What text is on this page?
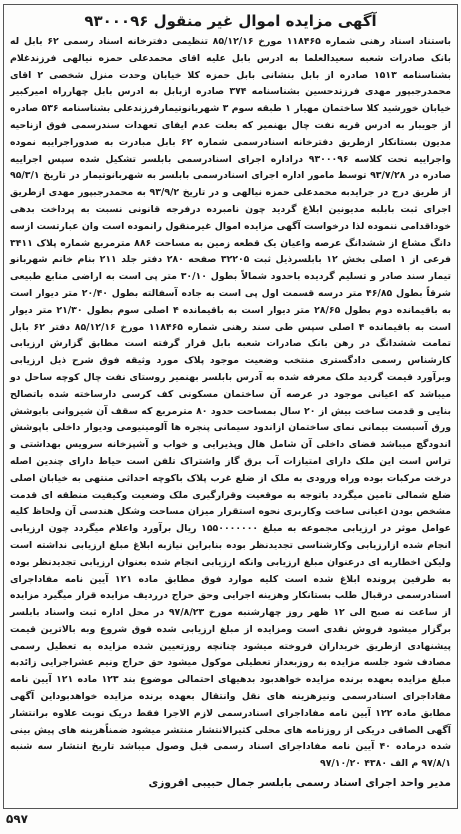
آگهی مزایده اموال غیر منقول ۹۳۰۰۰۹۶

باستناد اسناد رهنی شماره ۱۱۸۴۶۵ مورخ ۸۵/۱۲/۱۶ تنظیمی دفترخانه اسناد رسمی ۶۲ بابل له بانک صادرات شعبه سعیدالعلما به ادرس بابل علیه اقای محمدعلی حمزه نیالهی فرزندغلام بشناسنامه ۱۵۱۳ صادره از بابل بنشانی بابل حمزه کلا خیابان وحدت منزل شخصی ۲ اقای محمدرجبپور مهدی فرزندحسین بشناسنامه ۳۷۴ صادره ازبابل به ادرس بابل چهارراه امیرکبیر خیابان خورشید کلا ساختمان مهیار ۱ طبقه سوم ۳ شهربانوتیمارفرزندعلی بشناسنامه ۵۳۶ صادره از جویبار به ادرس قریه نفت چال بهنمیر که بعلت عدم ایفای تعهدات سندرسمی فوق ازناحیه مدیون بستانکار ازطریق دفترخانه اسنادرسمی شماره ۶۲ بابل مبادرت به صدوراجراییه نموده واجراییه تحت کلاسه ۹۳۰۰۰۹۶ دراداره اجرای اسنادرسمی بابلسر تشکیل شده سپس اجراییه صادره در ۹۳/۷/۲۸ توسط مامور اداره اجرای اسنادرسمی بابلسر به شهربانوتیمار در تاریخ ۹۵/۳/۱ از طریق درج در جرایدبه محمدعلی حمزه نیالهی و در تاریخ ۹۳/۹/۲ به محمدرجبپور مهدی ازطریق اجرای ثبت بابلبه مدیونین ابلاغ گردید چون نامبرده درفرجه قانونی نسبت به پرداخت بدهی خوداقدامی ننموده لذا درخواست آگهی مزایده اموال غیرمنقول رانموده است وان عبارتست ازسه دانگ مشاع از ششدانگ عرصه واعیان یک قطعه زمین به مساحت ۸۸۶ مترمربع شماره پلاک ۳۴۱۱ فرعی از ۱ اصلی بخش ۱۲ بابلسرذیل ثبت ۳۲۲۰۵ صفحه ۲۸۰ دفتر جلد ۲۱۱ بنام خانم شهربانو تیمار سند صادر و تسلیم گردیده باحدود شمالاً بطول ۳۰/۱۰ متر پی است به اراضی منابع طبیعی شرقاً بطول ۴۶/۸۵ متر درسه قسمت اول پی است به جاده آسفالته بطول ۲۰/۴۰ متر دیوار است به باقیمانده دوم بطول ۲۸/۶۵ متر دیوار است به باقیمانده ۴ اصلی سوم بطول ۲۱/۳۰ متر دیوار است به باقیمانده ۴ اصلی سپس طی سند رهنی شماره ۱۱۸۴۶۵ مورخ ۸۵/۱۲/۱۶ دفتر ۶۲ بابل تمامت ششدانگ در رهن بانک صادرات شعبه بابل قرار گرفته است مطابق گزارش ارزیابی کارشناس رسمی دادگستری منتخب وضعیت موجود پلاک مورد وثیقه فوق شرح ذیل ارزیابی وبرآورد قیمت گردید ملک معرفه شده به آدرس بابلسر بهنمیر روستای نفت چال کوچه ساحل دو میباشد که اعیانی موجود در عرصه آن ساختمان مسکونی کف کرسی دارساخته شده باتصالح بنایی و قدمت ساخت بیش از ۲۰ سال بمساحت حدود ۸۰ مترمربع که سقف آن شیروانی بابوشش ورق آسبست بیمانی نمای ساختمان ازاندود سیمانی پنجره ها آلومینیومی ودیوار داخلی باپوشش اندودگچ میباشد فضای داخلی آن شامل هال وپذیرایی و خواب و آشپزخانه سرویس بهداشتی و تراس است این ملک دارای امتیازات آب برق گاز واشتراک تلفن است حیاط دارای چندین اصله درخت مرکبات بوده وراه ورودی به ملک از ضلع غرب پلاک باکوچه احداثی منتهی به خیابان اصلی ضلع شمالی تامین میگردد باتوجه به موقعیت وقرارگیری ملک وضعیت وکیفیت منطقه ای قدمت مشخص بودن اعیانی ساخت وکاربری نحوه استقرار میزان مساحت وشکل هندسی آن ولحاظ کلیه عوامل موثر در ارزیابی مجموعه به مبلغ ۱۵۵۰۰۰۰۰۰۰ ریال برآورد واعلام میگردد چون ارزیابی انجام شده ازارزیابی وکارشناسی تجدیدنظر بوده بنابراین نیازبه ابلاغ مبلغ ارزیابی نداشته است وليكن اخطاریه ای درعنوان مبلغ ارزیابی وانکه ارزیابی انجام شده بعنوان ارزیابی تجدیدنظر بوده به طرفین پرونده ابلاغ شده است کلیه موارد فوق مطابق ماده ۱۲۱ آیین نامه مفاداجرای اسنادرسمی درقبال طلب بستانکار وهزینه اجرایی وحق حراج درردیف مزایده قرار میگیرد مزایده از ساعت نه صبح الی ۱۲ ظهر روز چهارشنبه مورخ ۹۷/۸/۲۳ در محل اداره ثبت واسناد بابلسر برگزار میشود فروش نقدی است ومزایده از مبلغ ارزیابی شده فوق شروع وبه بالاترین قیمت پیشنهادی ازطریق خریداران فروخته میشود چنانچه روزتعیین شده مزایده به تعطیل رسمی مصادف شود جلسه مزایده به روزبعداز تعطیلی موکول میشود حق حراج ونیم عشراجرایی زائدبه مبلغ مزایده بعهده برنده مزایده خواهدبود بدهیهای احتمالی موضوع بند ۱۲۳ ماده ۱۲۱ آیین نامه مفاداجرای اسنادرسمی ونیزهزینه های نقل وانتقال بعهده برنده مزایده خواهدبوداین آگهی مطابق ماده ۱۲۲ آیین نامه مفاداجرای اسنادرسمی لازم الاجرا فقط دریک نوبت علاوه برانتشار آگهی الصاقی دریکی از روزنامه های محلی کثیرالانتشار منتشر میشود ضمناًهزینه های پیش بینی شده درماده ۴۰ آیین نامه مفاداجرای اسناد رسمی قبل وصول میباشد تاریخ انتشار سه شنبه ۹۷/۸/۱ م الف ۴۳۸۰ ۹۷/۱۰/۲۰

مدیر واحد اجرای اسناد رسمی بابلسر جمال حبیبی افروزی
۵۹۷
